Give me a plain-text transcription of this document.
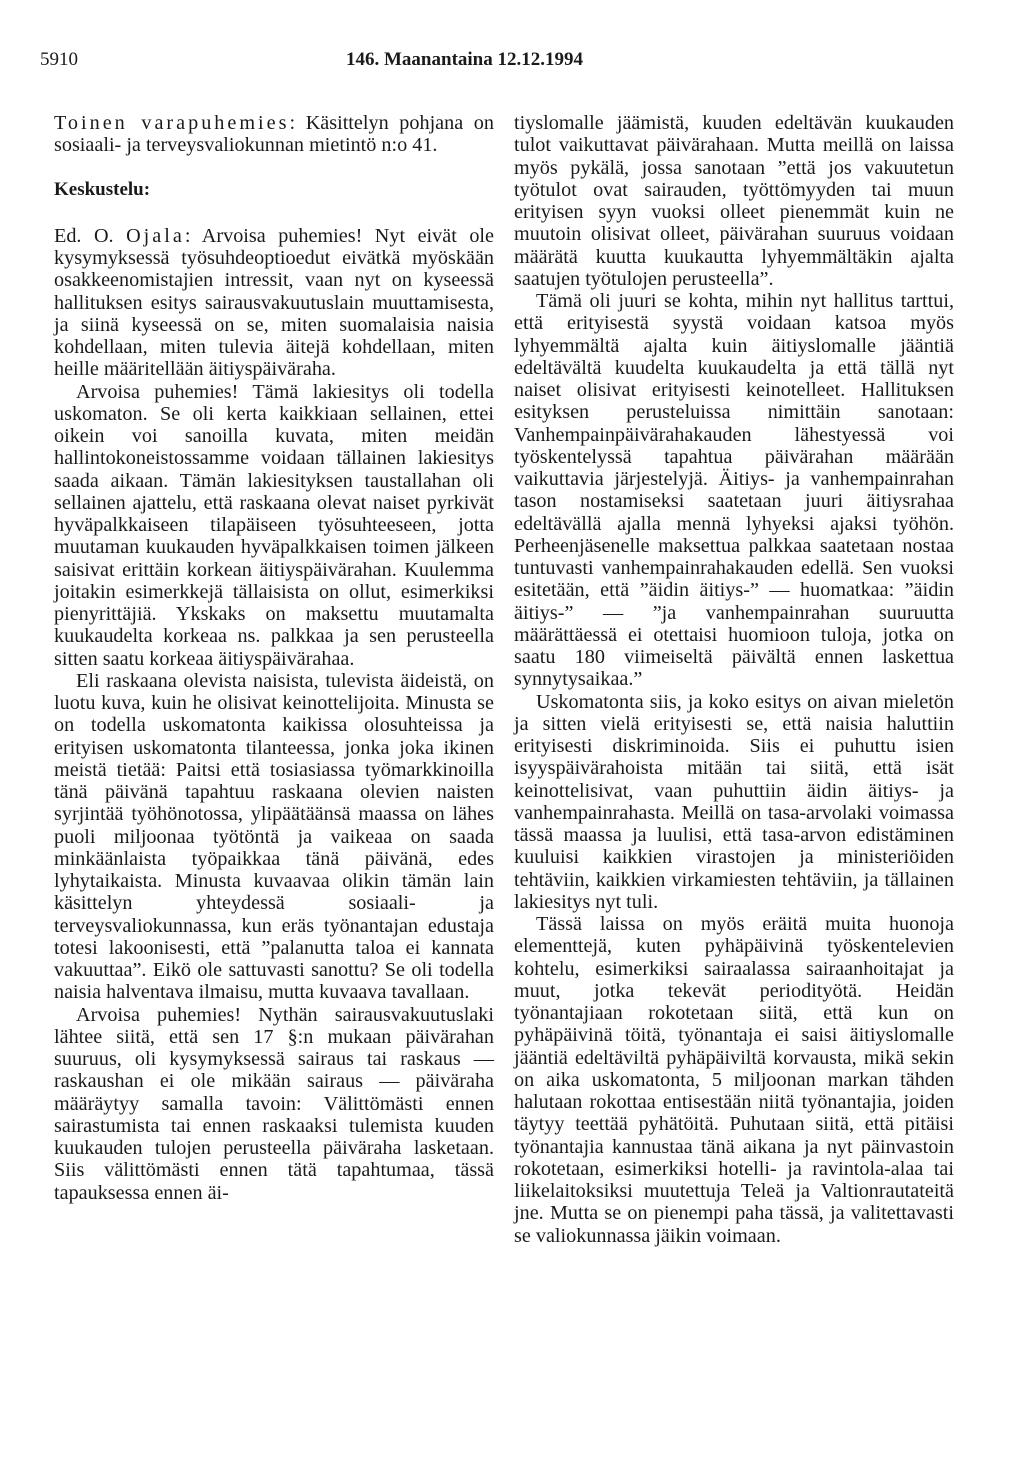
5910	146. Maanantaina 12.12.1994

Toinen varapuhemies: Käsittelyn pohjana on sosiaali- ja terveysvaliokunnan mietintö n:o 41.

Keskustelu:

Ed. O. Ojala: Arvoisa puhemies! Nyt eivät ole kysymyksessä työsuhdeoptioedut eivätkä myöskään osakkeenomistajien intressit, vaan nyt on kyseessä hallituksen esitys sairausvakuutuslain muuttamisesta, ja siinä kyseessä on se, miten suomalaisia naisia kohdellaan, miten tulevia äitejä kohdellaan, miten heille määritellään äitiyspäiväraha.

Arvoisa puhemies! Tämä lakiesitys oli todella uskomaton. Se oli kerta kaikkiaan sellainen, ettei oikein voi sanoilla kuvata, miten meidän hallintokoneistossamme voidaan tällainen lakiesitys saada aikaan. Tämän lakiesityksen taustallahan oli sellainen ajattelu, että raskaana olevat naiset pyrkivät hyväpalkkaiseen tilapäiseen työsuhteeseen, jotta muutaman kuukauden hyväpalkkaisen toimen jälkeen saisivat erittäin korkean äitiyspäivärahan. Kuulemma joitakin esimerkkejä tällaisista on ollut, esimerkiksi pienyrittäjiä. Ykskaks on maksettu muutamalta kuukaudelta korkeaa ns. palkkaa ja sen perusteella sitten saatu korkeaa äitiyspäivärahaa.

Eli raskaana olevista naisista, tulevista äideistä, on luotu kuva, kuin he olisivat keinottelijoita. Minusta se on todella uskomatonta kaikissa olosuhteissa ja erityisen uskomatonta tilanteessa, jonka joka ikinen meistä tietää: Paitsi että tosiasiassa työmarkkinoilla tänä päivänä tapahtuu raskaana olevien naisten syrjintää työhönotossa, ylipäätäänsä maassa on lähes puoli miljoonaa työtöntä ja vaikeaa on saada minkäänlaista työpaikkaa tänä päivänä, edes lyhytaikaista. Minusta kuvaavaa olikin tämän lain käsittelyn yhteydessä sosiaali- ja terveysvaliokunnassa, kun eräs työnantajan edustaja totesi lakoonisesti, että ”palanutta taloa ei kannata vakuuttaa”. Eikö ole sattuvasti sanottu? Se oli todella naisia halventava ilmaisu, mutta kuvaava tavallaan.

Arvoisa puhemies! Nythän sairausvakuutuslaki lähtee siitä, että sen 17 §:n mukaan päivärahan suuruus, oli kysymyksessä sairaus tai raskaus — raskaushan ei ole mikään sairaus — päiväraha määräytyy samalla tavoin: Välittömästi ennen sairastumista tai ennen raskaaksi tulemista kuuden kuukauden tulojen perusteella päiväraha lasketaan. Siis välittömästi ennen tätä tapahtumaa, tässä tapauksessa ennen äi-

tiyslomalle jäämistä, kuuden edeltävän kuukauden tulot vaikuttavat päivärahaan. Mutta meillä on laissa myös pykälä, jossa sanotaan ”että jos vakuutetun työtulot ovat sairauden, työttömyyden tai muun erityisen syyn vuoksi olleet pienemmät kuin ne muutoin olisivat olleet, päivärahan suuruus voidaan määrätä kuutta kuukautta lyhyemmältäkin ajalta saatujen työtulojen perusteella”.

Tämä oli juuri se kohta, mihin nyt hallitus tarttui, että erityisestä syystä voidaan katsoa myös lyhyemmältä ajalta kuin äitiyslomalle jääntiä edeltävältä kuudelta kuukaudelta ja että tällä nyt naiset olisivat erityisesti keinotelleet. Hallituksen esityksen perusteluissa nimittäin sanotaan: Vanhempainpäivärahakauden lähestyessä voi työskentelyssä tapahtua päivärahan määrään vaikuttavia järjestelyjä. Äitiys- ja vanhempainrahan tason nostamiseksi saatetaan juuri äitiysrahaa edeltävällä ajalla mennä lyhyeksi ajaksi työhön. Perheenjäsenelle maksettua palkkaa saatetaan nostaa tuntuvasti vanhempainrahakauden edellä. Sen vuoksi esitetään, että ”äidin äitiys-” — huomatkaa: ”äidin äitiys-” — ”ja vanhempainrahan suuruutta määrättäessä ei otettaisi huomioon tuloja, jotka on saatu 180 viimeiseltä päivältä ennen laskettua synnytysaikaa.”

Uskomatonta siis, ja koko esitys on aivan mieletön ja sitten vielä erityisesti se, että naisia haluttiin erityisesti diskriminoida. Siis ei puhuttu isien isyyspäivärahoista mitään tai siitä, että isät keinottelisivat, vaan puhuttiin äidin äitiys- ja vanhempainrahasta. Meillä on tasa-arvolaki voimassa tässä maassa ja luulisi, että tasa-arvon edistäminen kuuluisi kaikkien virastojen ja ministeriöiden tehtäviin, kaikkien virkamiesten tehtäviin, ja tällainen lakiesitys nyt tuli.

Tässä laissa on myös eräitä muita huonoja elementtejä, kuten pyhäpäivinä työskentelevien kohtelu, esimerkiksi sairaalassa sairaanhoitajat ja muut, jotka tekevät periodityötä. Heidän työnantajiaan rokotetaan siitä, että kun on pyhäpäivinä töitä, työnantaja ei saisi äitiyslomalle jääntiä edeltäviltä pyhäpäiviltä korvausta, mikä sekin on aika uskomatonta, 5 miljoonan markan tähden halutaan rokottaa entisestään niitä työnantajia, joiden täytyy teettää pyhätöitä. Puhutaan siitä, että pitäisi työnantajia kannustaa tänä aikana ja nyt päinvastoin rokotetaan, esimerkiksi hotelli- ja ravintola-alaa tai liikelaitoksiksi muutettuja Teleä ja Valtionrautateitä jne. Mutta se on pienempi paha tässä, ja valitettavasti se valiokunnassa jäikin voimaan.
